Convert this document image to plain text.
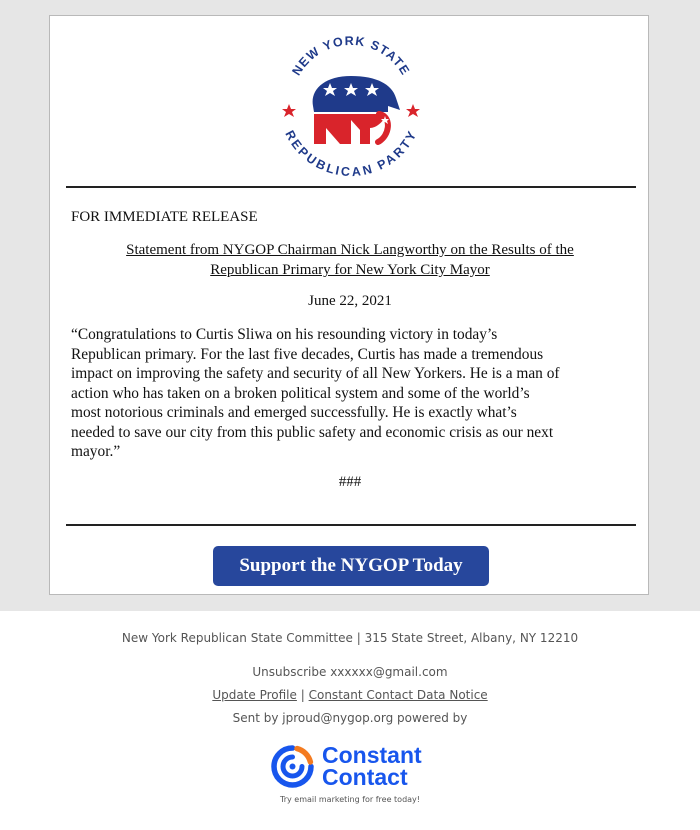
NEW YORK STATE
REPUBLICAN PARTY

FOR IMMEDIATE RELEASE

Statement from NYGOP Chairman Nick Langworthy on the Results of the
Republican Primary for New York City Mayor

June 22, 2021

“Congratulations to Curtis Sliwa on his resounding victory in today’s
Republican primary. For the last five decades, Curtis has made a tremendous
impact on improving the safety and security of all New Yorkers. He is a man of
action who has taken on a broken political system and some of the world’s
most notorious criminals and emerged successfully. He is exactly what’s
needed to save our city from this public safety and economic crisis as our next
mayor.”

###

Support the NYGOP Today

New York Republican State Committee | 315 State Street, Albany, NY 12210

Unsubscribe xxxxxx@gmail.com

Update Profile | Constant Contact Data Notice

Sent by jproud@nygop.org powered by

Constant
Contact

Try email marketing for free today!
